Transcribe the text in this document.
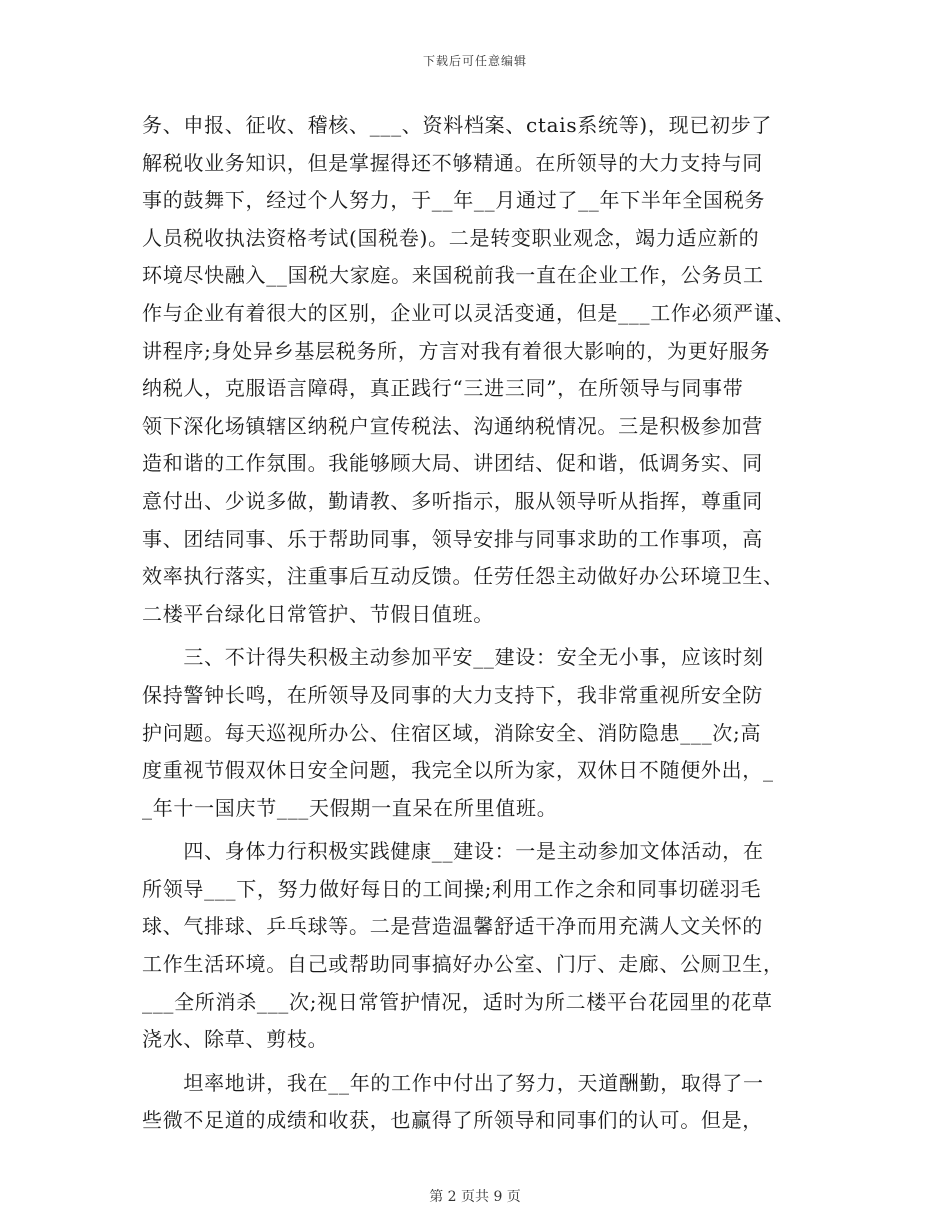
下载后可任意编辑
务、申报、征收、稽核、___、资料档案、ctais系统等)，现已初步了
解税收业务知识，但是掌握得还不够精通。在所领导的大力支持与同
事的鼓舞下，经过个人努力，于__年__月通过了__年下半年全国税务
人员税收执法资格考试(国税卷)。二是转变职业观念，竭力适应新的
环境尽快融入__国税大家庭。来国税前我一直在企业工作，公务员工
作与企业有着很大的区别，企业可以灵活变通，但是___工作必须严谨、
讲程序;身处异乡基层税务所，方言对我有着很大影响的，为更好服务
纳税人，克服语言障碍，真正践行“三进三同”，在所领导与同事带
领下深化场镇辖区纳税户宣传税法、沟通纳税情况。三是积极参加营
造和谐的工作氛围。我能够顾大局、讲团结、促和谐，低调务实、同
意付出、少说多做，勤请教、多听指示，服从领导听从指挥，尊重同
事、团结同事、乐于帮助同事，领导安排与同事求助的工作事项，高
效率执行落实，注重事后互动反馈。任劳任怨主动做好办公环境卫生、
二楼平台绿化日常管护、节假日值班。
　　三、不计得失积极主动参加平安__建设：安全无小事，应该时刻
保持警钟长鸣，在所领导及同事的大力支持下，我非常重视所安全防
护问题。每天巡视所办公、住宿区域，消除安全、消防隐患___次;高
度重视节假双休日安全问题，我完全以所为家，双休日不随便外出，_
_年十一国庆节___天假期一直呆在所里值班。
　　四、身体力行积极实践健康__建设：一是主动参加文体活动，在
所领导___下，努力做好每日的工间操;利用工作之余和同事切磋羽毛
球、气排球、乒乓球等。二是营造温馨舒适干净而用充满人文关怀的
工作生活环境。自己或帮助同事搞好办公室、门厅、走廊、公厕卫生，
___全所消杀___次;视日常管护情况，适时为所二楼平台花园里的花草
浇水、除草、剪枝。
　　坦率地讲，我在__年的工作中付出了努力，天道酬勤，取得了一
些微不足道的成绩和收获，也赢得了所领导和同事们的认可。但是，
第 2 页共 9 页
